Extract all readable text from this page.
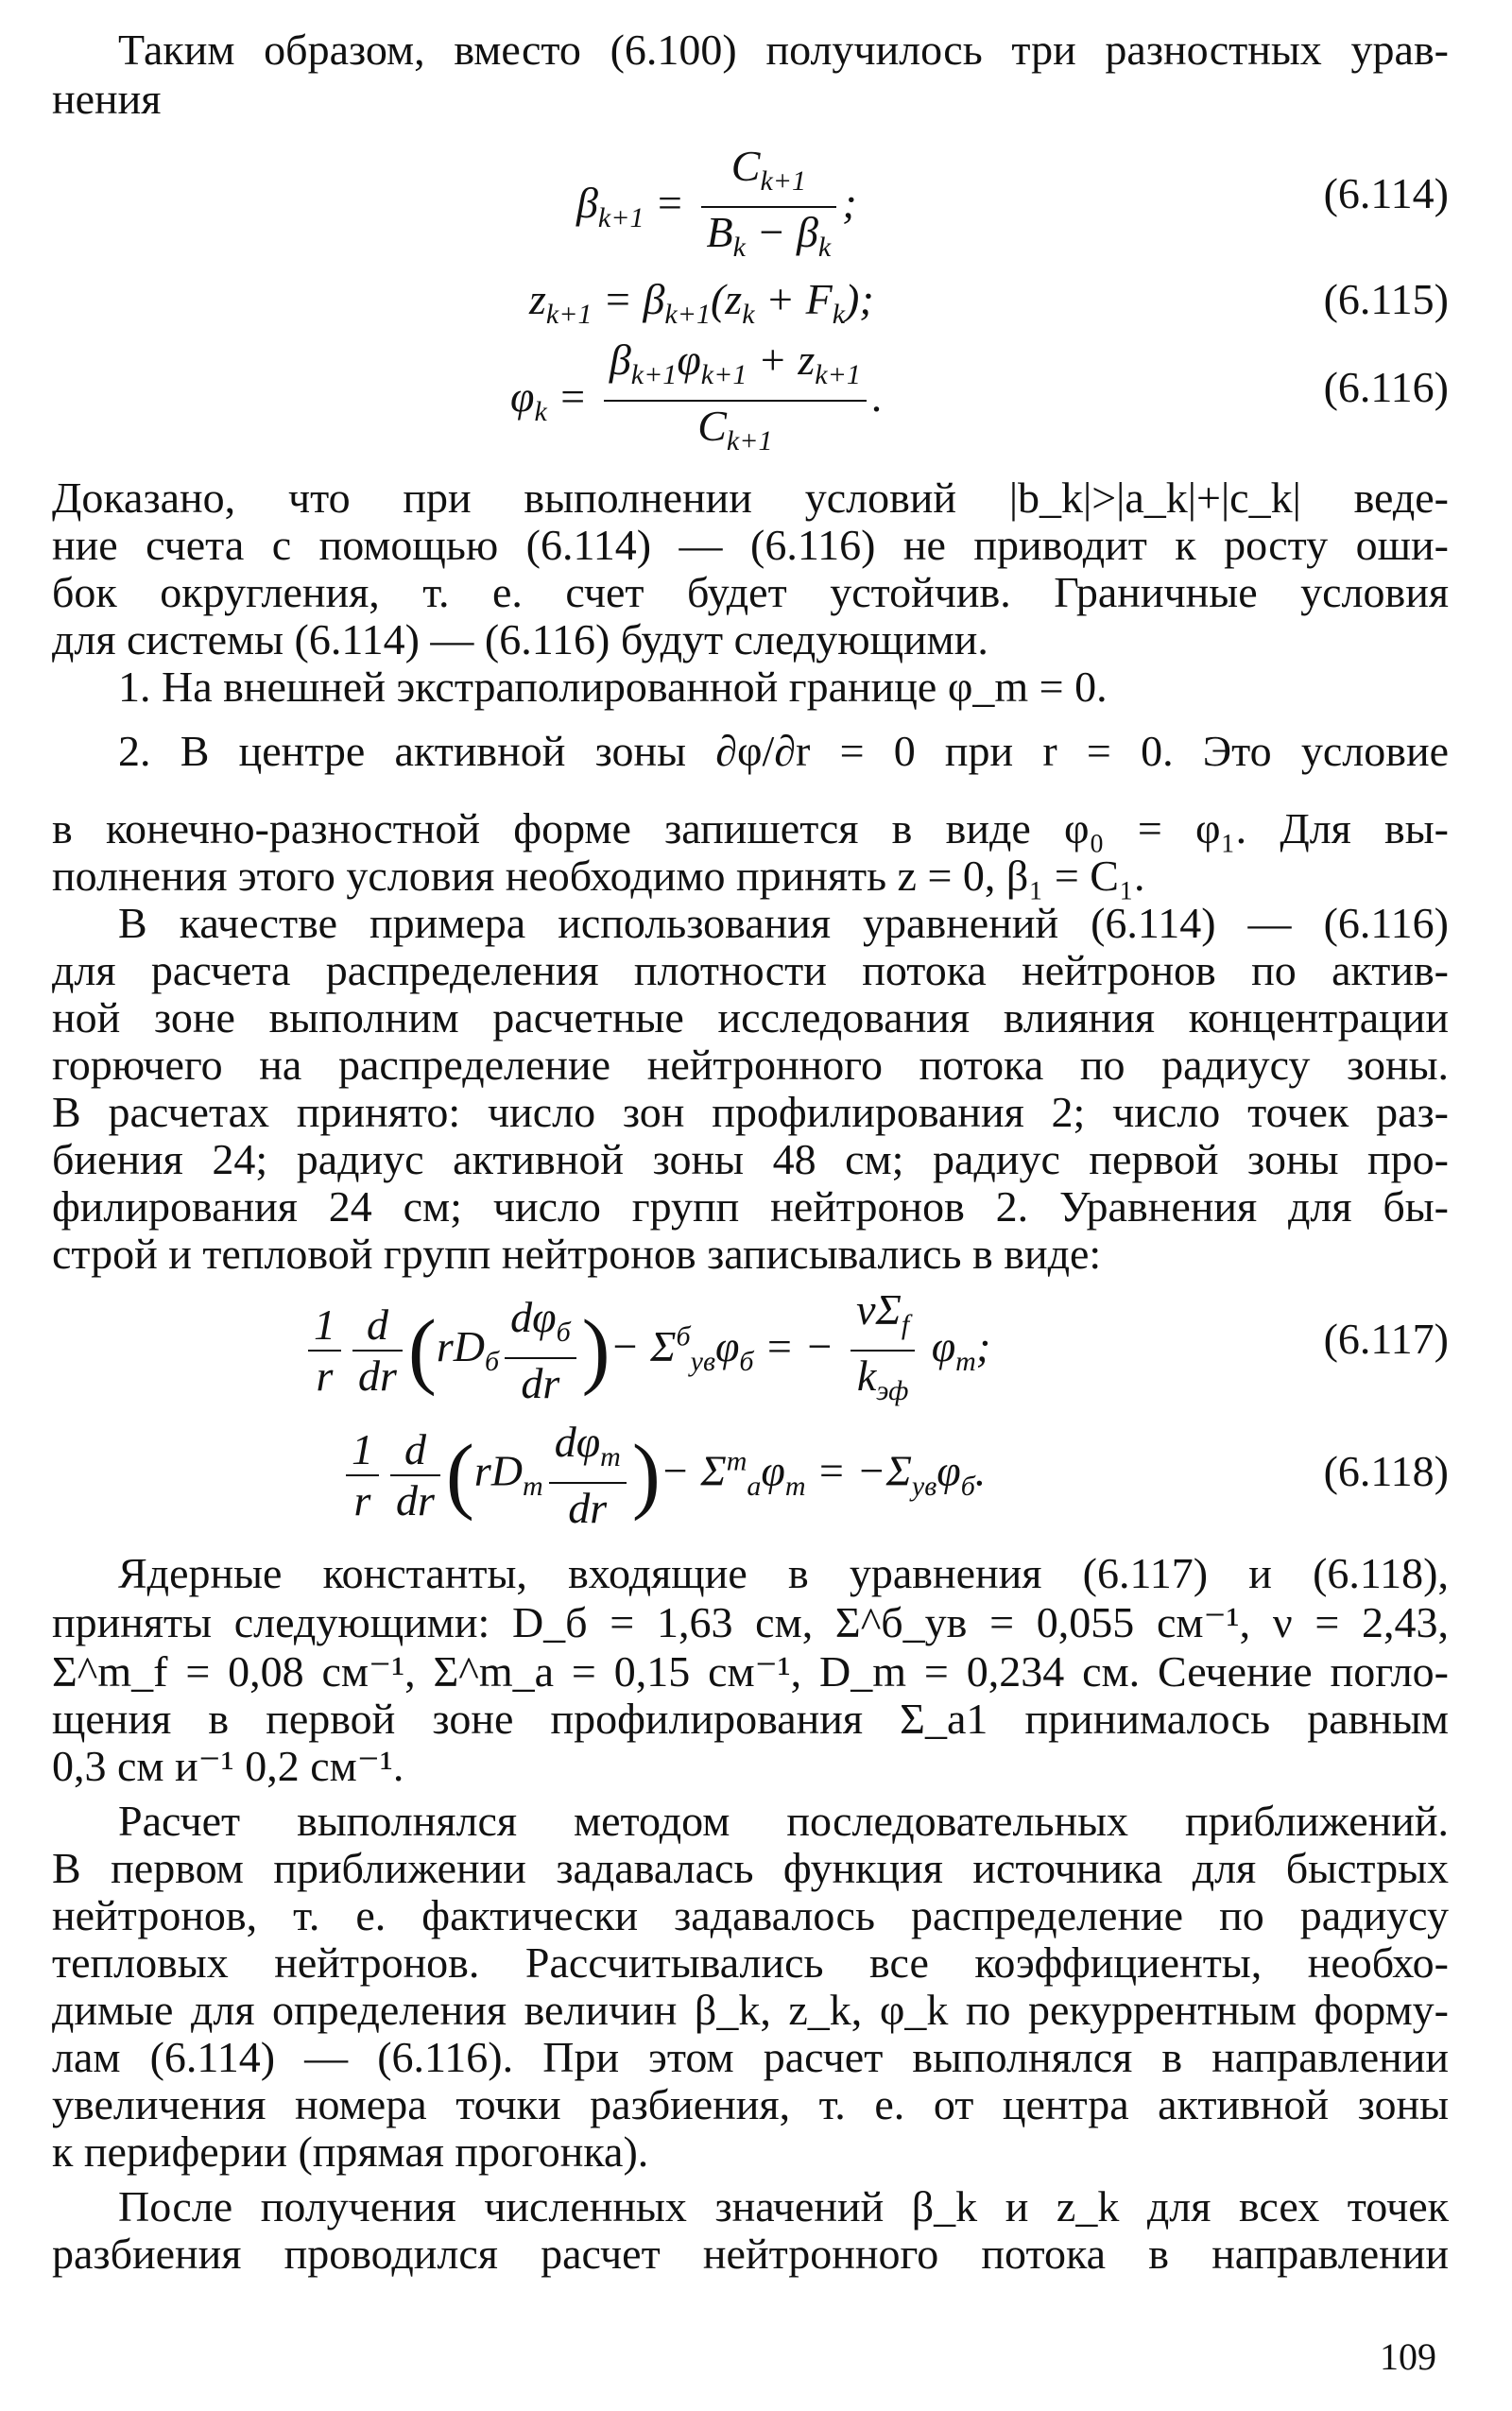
Таким образом, вместо (6.100) получилось три разностных урав-
нения
$\beta_{k+1} = \frac{C_{k+1}}{B_k - \beta_k}$ ;	(6.114)
$z_{k+1} = \beta_{k+1}(z_k + F_k)$;	(6.115)
$\varphi_k = \frac{\beta_{k+1}\varphi_{k+1} + z_{k+1}}{C_{k+1}}$ .	(6.116)
Доказано, что при выполнении условий |b_k|>|a_k|+|c_k| веде-
ние счета с помощью (6.114) — (6.116) не приводит к росту оши-
бок округления, т. е. счет будет устойчив. Граничные условия
для системы (6.114) — (6.116) будут следующими.
1. На внешней экстраполированной границе φ_m = 0.
2. В центре активной зоны ∂φ/∂r = 0 при r = 0. Это условие
в конечно-разностной форме запишется в виде φ₀ = φ₁. Для вы-
полнения этого условия необходимо принять z = 0, β₁ = C₁.
В качестве примера использования уравнений (6.114) — (6.116)
для расчета распределения плотности потока нейтронов по актив-
ной зоне выполним расчетные исследования влияния концентрации
горючего на распределение нейтронного потока по радиусу зоны.
В расчетах принято: число зон профилирования 2; число точек раз-
биения 24; радиус активной зоны 48 см; радиус первой зоны про-
филирования 24 см; число групп нейтронов 2. Уравнения для бы-
строй и тепловой групп нейтронов записывались в виде:
$\frac{1}{r} \frac{d}{dr} (rD_б \frac{d\varphi_б}{dr}$ )− $\Sigma^б_{ув}\varphi_б$ = − $\frac{\nu\Sigma_f}{k_{эф}} \varphi_m$;	(6.117)
$\frac{1}{r} \frac{d}{dr} (rD_m \frac{d\varphi_m}{dr}$ )− $\Sigma^m_a\varphi_m = -\Sigma_{ув}\varphi_б$.	(6.118)
Ядерные константы, входящие в уравнения (6.117) и (6.118),
приняты следующими: D_б = 1,63 см, Σ^б_ув = 0,055 см⁻¹, ν = 2,43,
Σ^m_f = 0,08 см⁻¹, Σ^m_a = 0,15 см⁻¹, D_m = 0,234 см. Сечение погло-
щения в первой зоне профилирования Σ_a1 принималось равным
0,3 см и⁻¹ 0,2 см⁻¹.
Расчет выполнялся методом последовательных приближений.
В первом приближении задавалась функция источника для быстрых
нейтронов, т. е. фактически задавалось распределение по радиусу
тепловых нейтронов. Рассчитывались все коэффициенты, необхо-
димые для определения величин β_k, z_k, φ_k по рекуррентным форму-
лам (6.114) — (6.116). При этом расчет выполнялся в направлении
увеличения номера точки разбиения, т. е. от центра активной зоны
к периферии (прямая прогонка).
После получения численных значений β_k и z_k для всех точек
разбиения проводился расчет нейтронного потока в направлении
109
